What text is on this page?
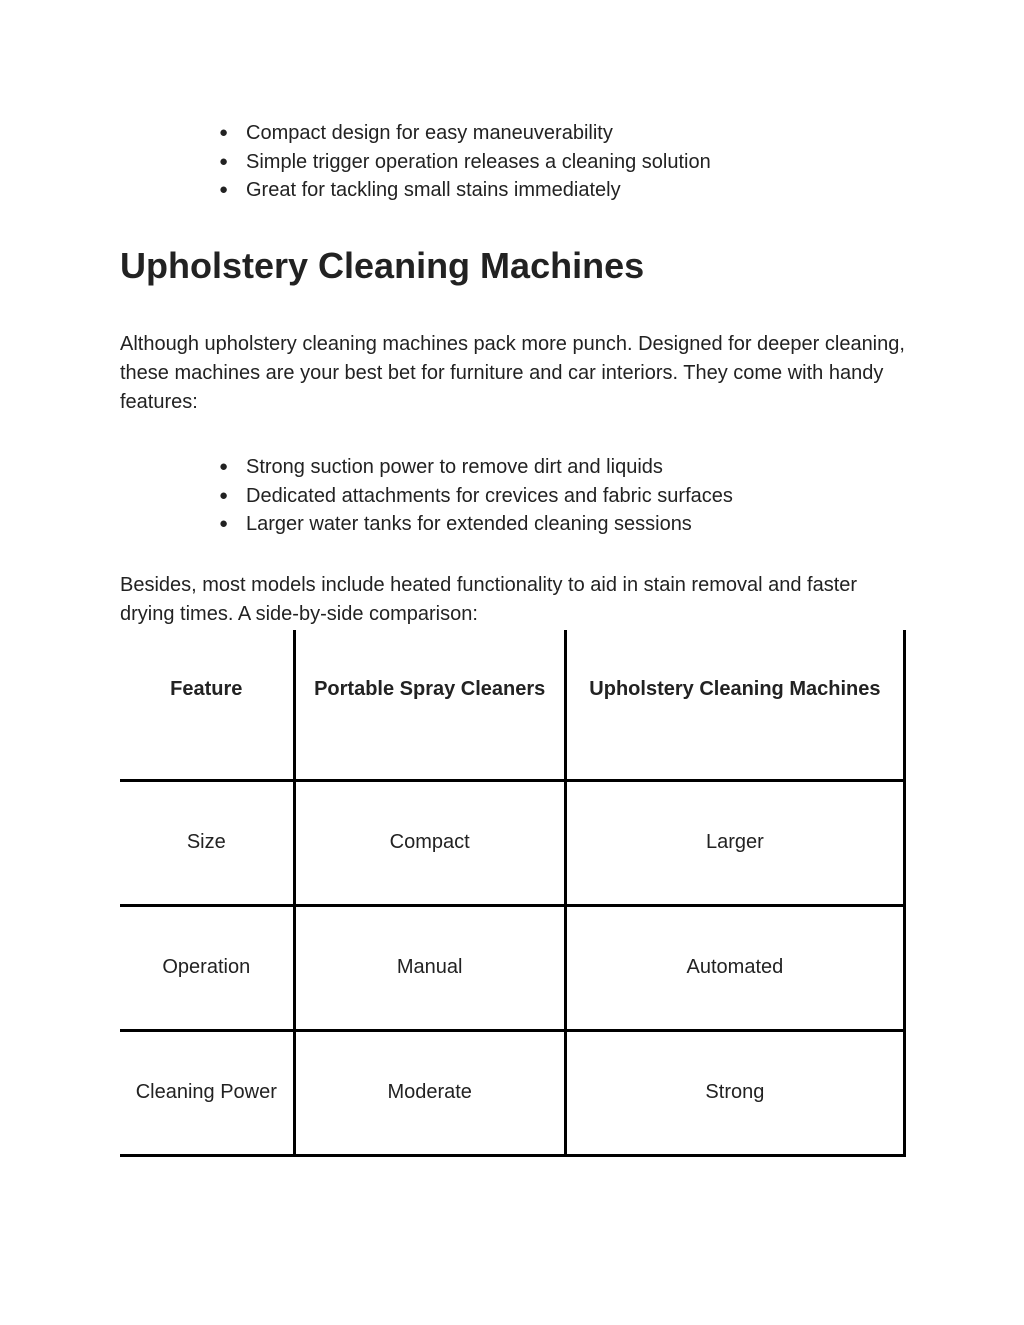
● Compact design for easy maneuverability
● Simple trigger operation releases a cleaning solution
● Great for tackling small stains immediately
Upholstery Cleaning Machines

Although upholstery cleaning machines pack more punch. Designed for deeper cleaning, these machines are your best bet for furniture and car interiors. They come with handy features:

● Strong suction power to remove dirt and liquids
● Dedicated attachments for crevices and fabric surfaces
● Larger water tanks for extended cleaning sessions

Besides, most models include heated functionality to aid in stain removal and faster drying times. A side-by-side comparison:

Feature	Portable Spray Cleaners	Upholstery Cleaning Machines
Size	Compact	Larger
Operation	Manual	Automated
Cleaning Power	Moderate	Strong
